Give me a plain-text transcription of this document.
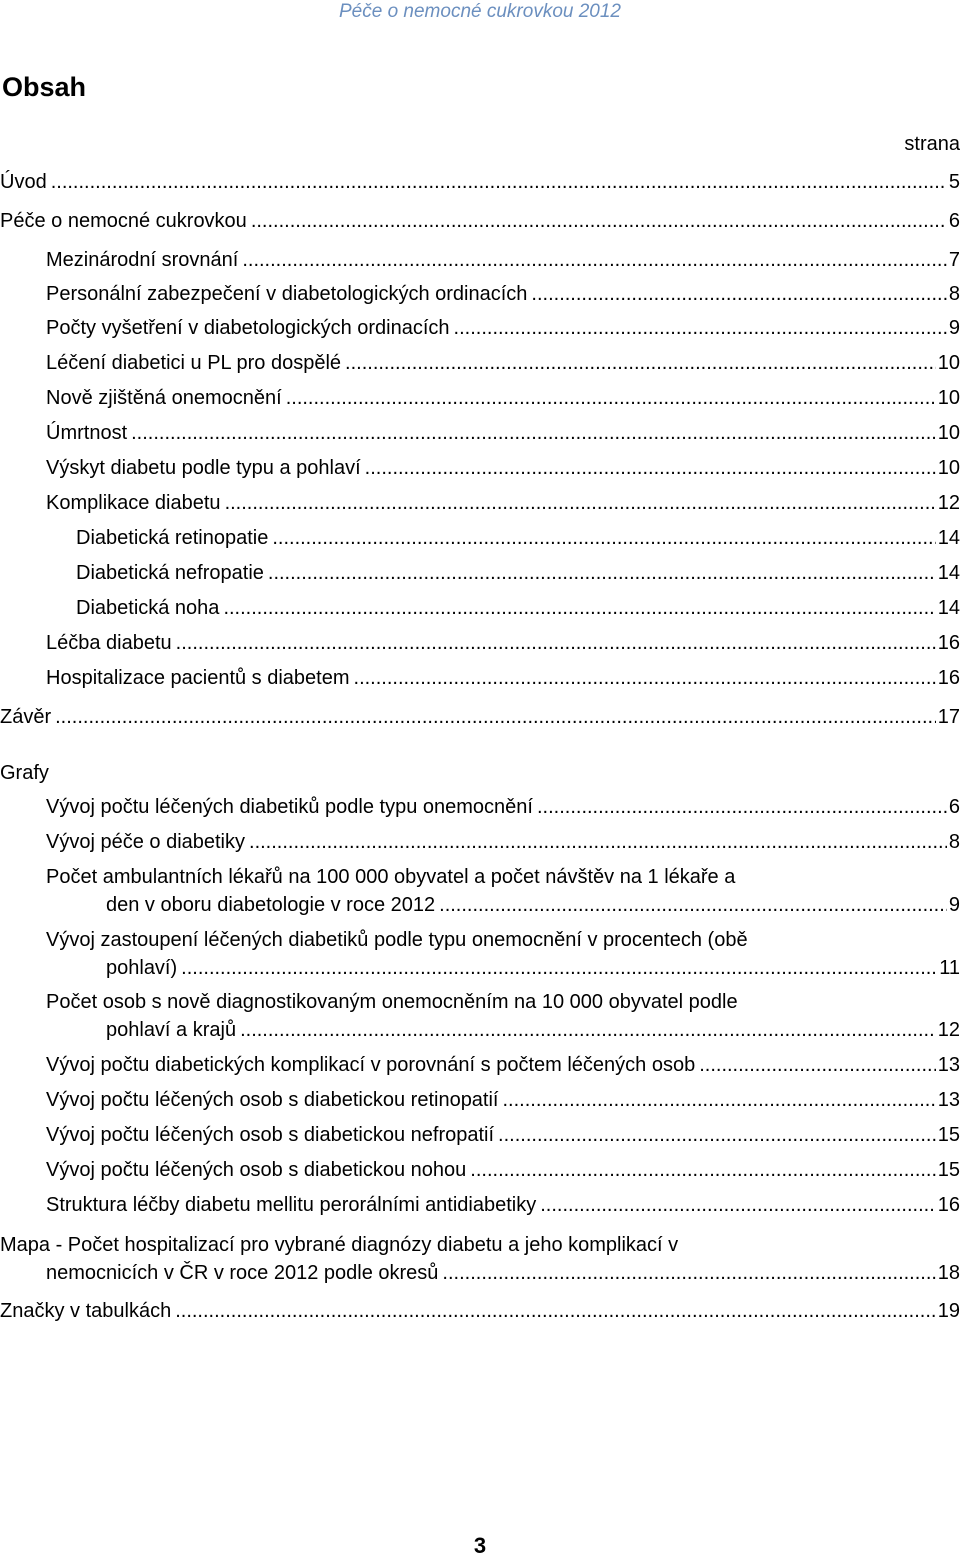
Péče o nemocné cukrovkou 2012
Obsah
strana
Úvod .....	5
Péče o nemocné cukrovkou .....	6
Mezinárodní srovnání .....	7
Personální zabezpečení v diabetologických ordinacích .....	8
Počty vyšetření v diabetologických ordinacích .....	9
Léčení diabetici u PL pro dospělé .....	10
Nově zjištěná onemocnění .....	10
Úmrtnost .....	10
Výskyt diabetu podle typu a pohlaví .....	10
Komplikace diabetu .....	12
Diabetická retinopatie .....	14
Diabetická nefropatie .....	14
Diabetická noha .....	14
Léčba diabetu .....	16
Hospitalizace pacientů s diabetem .....	16
Závěr .....	17
Grafy
Vývoj počtu léčených diabetiků podle typu onemocnění .....	6
Vývoj péče o diabetiky .....	8
Počet ambulantních lékařů na 100 000 obyvatel a počet návštěv na 1 lékaře a
den v oboru diabetologie v roce 2012 .....	9
Vývoj zastoupení léčených diabetiků podle typu onemocnění v procentech (obě
pohlaví) .....	11
Počet osob s nově diagnostikovaným onemocněním na 10 000 obyvatel podle
pohlaví a krajů .....	12
Vývoj počtu diabetických komplikací v porovnání s počtem léčených osob .....	13
Vývoj počtu léčených osob s diabetickou retinopatií .....	13
Vývoj počtu léčených osob s diabetickou nefropatií .....	15
Vývoj počtu léčených osob s diabetickou nohou .....	15
Struktura léčby diabetu mellitu perorálními antidiabetiky .....	16
Mapa - Počet hospitalizací pro vybrané diagnózy diabetu a jeho komplikací v
nemocnicích v ČR v roce 2012 podle okresů .....	18
Značky v tabulkách .....	19
3
